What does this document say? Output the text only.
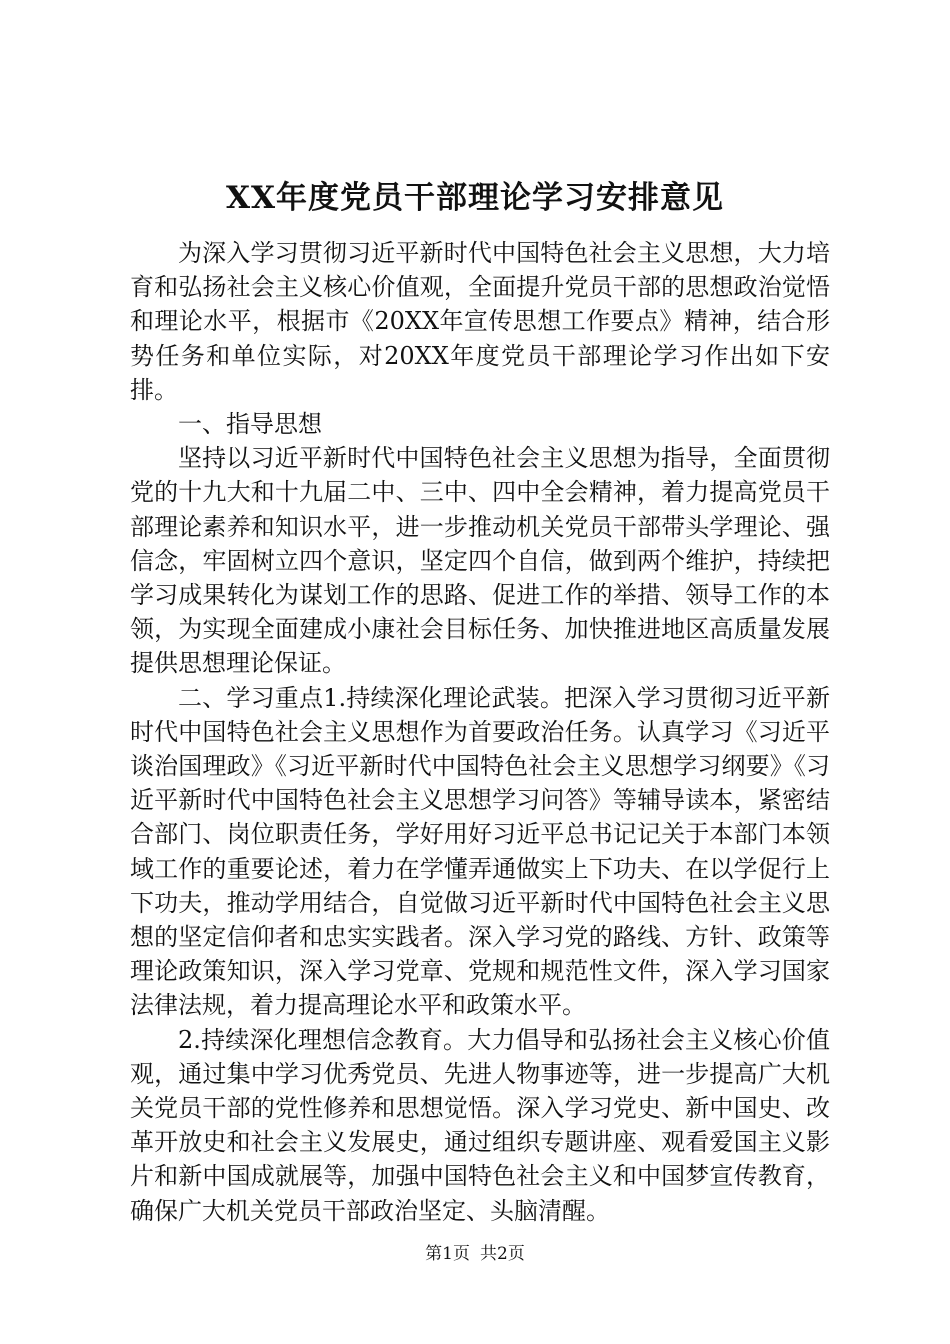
XX年度党员干部理论学习安排意见

为深入学习贯彻习近平新时代中国特色社会主义思想，大力培育和弘扬社会主义核心价值观，全面提升党员干部的思想政治觉悟和理论水平，根据市《20XX年宣传思想工作要点》精神，结合形势任务和单位实际，对20XX年度党员干部理论学习作出如下安排。

一、指导思想

坚持以习近平新时代中国特色社会主义思想为指导，全面贯彻党的十九大和十九届二中、三中、四中全会精神，着力提高党员干部理论素养和知识水平，进一步推动机关党员干部带头学理论、强信念，牢固树立四个意识，坚定四个自信，做到两个维护，持续把学习成果转化为谋划工作的思路、促进工作的举措、领导工作的本领，为实现全面建成小康社会目标任务、加快推进地区高质量发展提供思想理论保证。

二、学习重点1.持续深化理论武装。把深入学习贯彻习近平新时代中国特色社会主义思想作为首要政治任务。认真学习《习近平谈治国理政》《习近平新时代中国特色社会主义思想学习纲要》《习近平新时代中国特色社会主义思想学习问答》等辅导读本，紧密结合部门、岗位职责任务，学好用好习近平总书记记关于本部门本领域工作的重要论述，着力在学懂弄通做实上下功夫、在以学促行上下功夫，推动学用结合，自觉做习近平新时代中国特色社会主义思想的坚定信仰者和忠实实践者。深入学习党的路线、方针、政策等理论政策知识，深入学习党章、党规和规范性文件，深入学习国家法律法规，着力提高理论水平和政策水平。

2.持续深化理想信念教育。大力倡导和弘扬社会主义核心价值观，通过集中学习优秀党员、先进人物事迹等，进一步提高广大机关党员干部的党性修养和思想觉悟。深入学习党史、新中国史、改革开放史和社会主义发展史，通过组织专题讲座、观看爱国主义影片和新中国成就展等，加强中国特色社会主义和中国梦宣传教育，确保广大机关党员干部政治坚定、头脑清醒。

第1页 共2页
